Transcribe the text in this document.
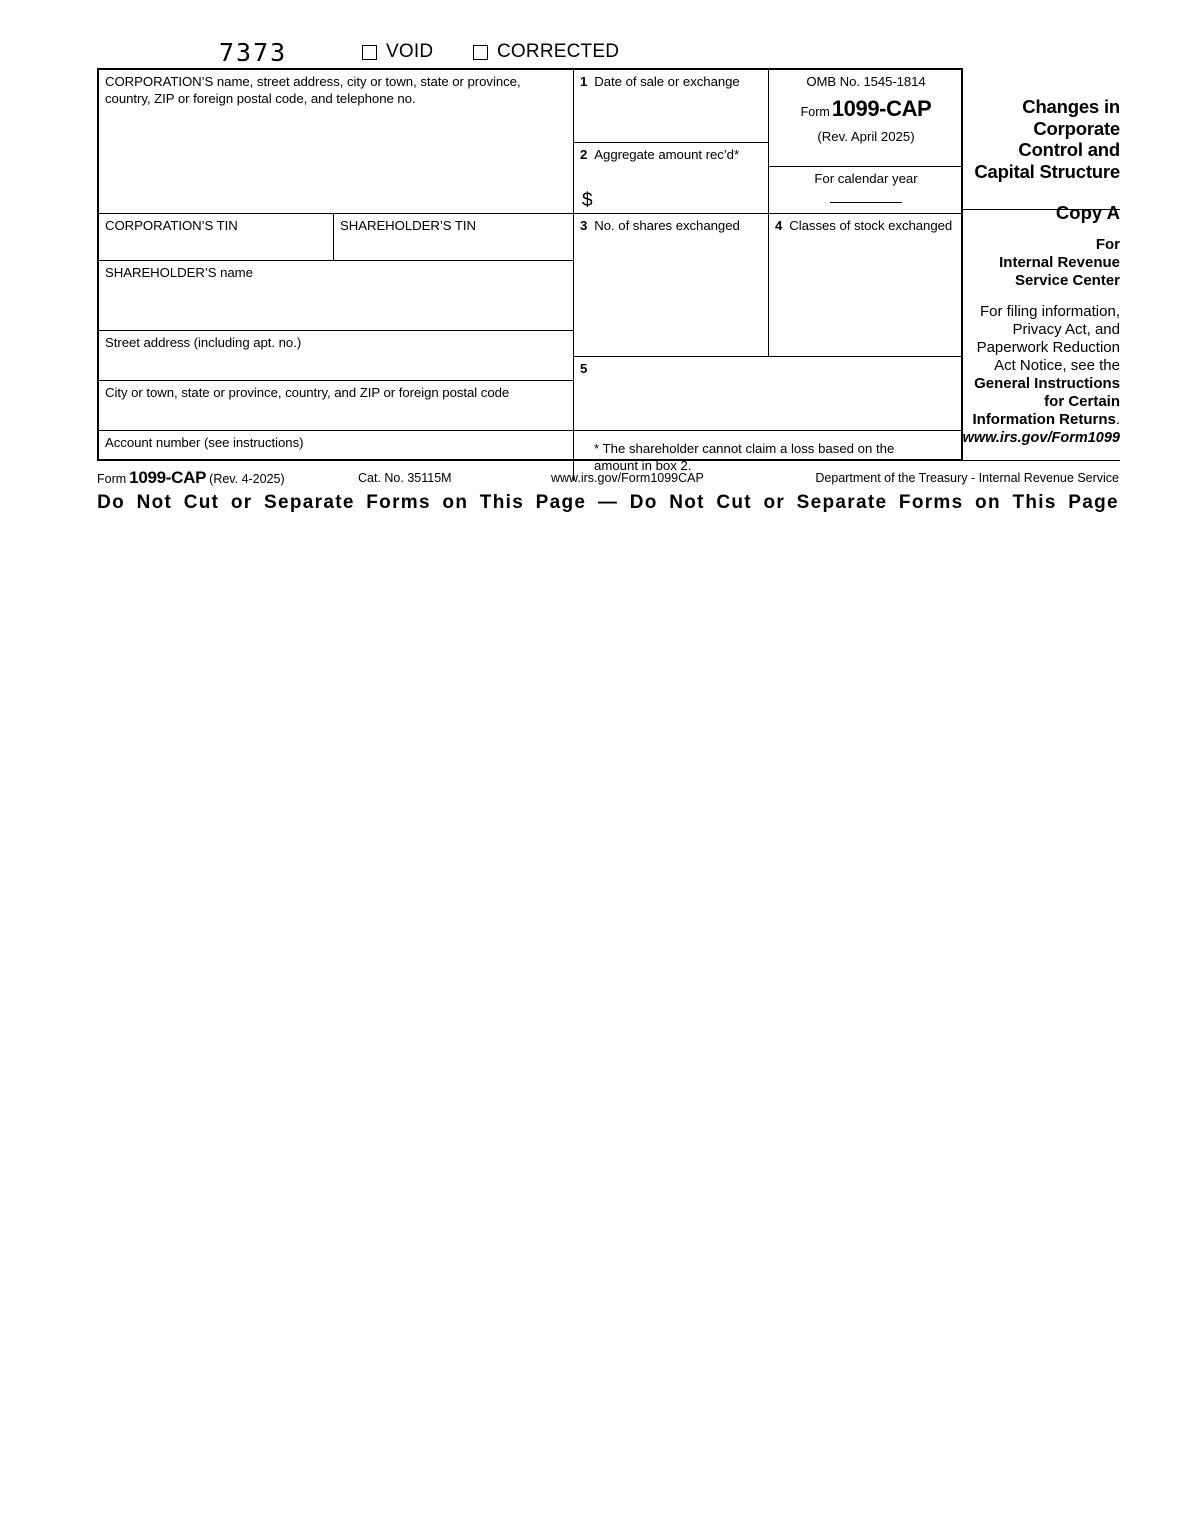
7373	VOID	CORRECTED
CORPORATION’S name, street address, city or town, state or province,
country, ZIP or foreign postal code, and telephone no.
CORPORATION’S TIN	SHAREHOLDER’S TIN
SHAREHOLDER’S name
Street address (including apt. no.)
City or town, state or province, country, and ZIP or foreign postal code
Account number (see instructions)
1 Date of sale or exchange
2 Aggregate amount rec’d*
$
3 No. of shares exchanged	4 Classes of stock exchanged
5
* The shareholder cannot claim a loss based on the
amount in box 2.
OMB No. 1545-1814
Form1099-CAP
(Rev. April 2025)
For calendar year
Changes in
Corporate
Control and
Capital Structure
Copy A
For
Internal Revenue
Service Center
For filing information,
Privacy Act, and
Paperwork Reduction
Act Notice, see the
General Instructions
for Certain
Information Returns.
www.irs.gov/Form1099
Form 1099-CAP (Rev. 4-2025)	Cat. No. 35115M	www.irs.gov/Form1099CAP	Department of the Treasury - Internal Revenue Service
Do Not Cut or Separate Forms on This Page — Do Not Cut or Separate Forms on This Page
